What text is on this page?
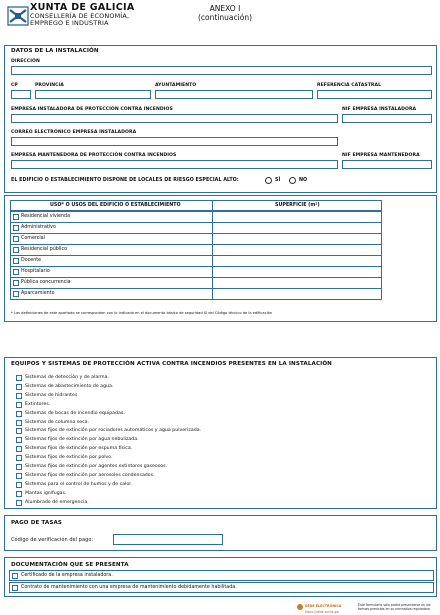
XUNTA DE GALICIA
CONSELLERÍA DE ECONOMÍA,
EMPREGO E INDUSTRIA
ANEXO I
(continuación)
DATOS DE LA INSTALACIÓN
DIRECCIÓN
CP	PROVINCIA	AYUNTAMIENTO	REFERENCIA CATASTRAL
EMPRESA INSTALADORA DE PROTECCIÓN CONTRA INCENDIOS	NIF EMPRESA INSTALADORA
CORREO ELECTRÓNICO EMPRESA INSTALADORA
EMPRESA MANTENEDORA DE PROTECCIÓN CONTRA INCENDIOS	NIF EMPRESA MANTENEDORA
EL EDIFICIO O ESTABLECIMIENTO DISPONE DE LOCALES DE RIESGO ESPECIAL ALTO:	SÍ	NO
USO* O USOS DEL EDIFICIO O ESTABLECIMIENTO	SUPERFICIE (m²)
Residencial vivienda
Administrativo
Comercial
Residencial público
Docente
Hospitalario
Pública concurrencia
Aparcamiento
* Las definiciones de este apartado se corresponden con lo indicado en el documento básico de seguridad SI del Código técnico de la edificación
EQUIPOS Y SISTEMAS DE PROTECCIÓN ACTIVA CONTRA INCENDIOS PRESENTES EN LA INSTALACIÓN
Sistemas de detección y de alarma.
Sistemas de abastecimiento de agua.
Sistemas de hidrantes.
Extintores.
Sistemas de bocas de incendio equipadas.
Sistemas de columna seca.
Sistemas fijos de extinción por rociadores automáticos y agua pulverizada.
Sistemas fijos de extinción por agua nebulizada.
Sistemas fijos de extinción por espuma física.
Sistemas fijos de extinción por polvo.
Sistemas fijos de extinción por agentes extintores gaseosos.
Sistemas fijos de extinción por aerosoles condensados.
Sistemas para el control de humos y de calor.
Mantas ignífugas.
Alumbrado de emergencia.
PAGO DE TASAS
Código de verificación del pago:
DOCUMENTACIÓN QUE SE PRESENTA
Certificado de la empresa instaladora.
Contrato de mantenimiento con una empresa de mantenimiento debidamente habilitada.
SEDE ELECTRÓNICA
https://sede.xunta.gal
Este formulario sólo podrá presentarse en las formas previstas en su normativa reguladora
